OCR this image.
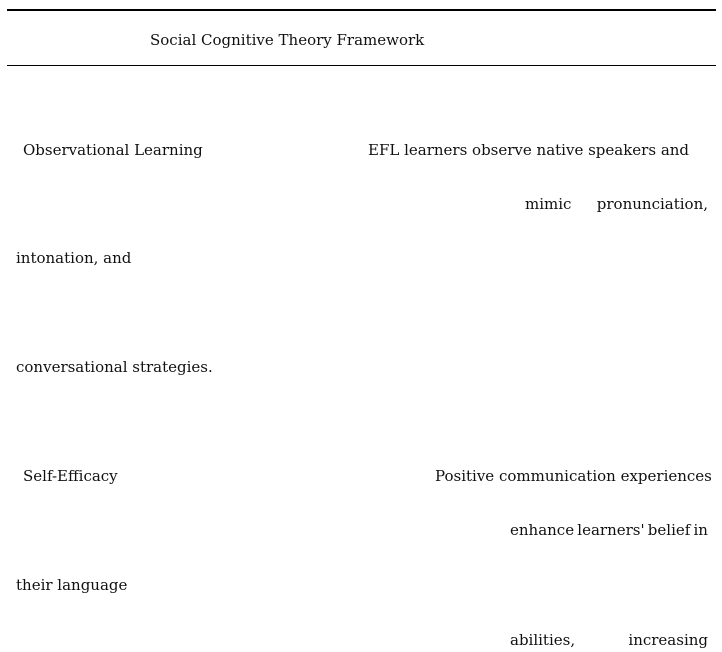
Social Cognitive Theory Framework
Observational Learning	EFL learners observe native speakers and
mimic pronunciation,
intonation, and
conversational strategies.
Self-Efficacy	Positive communication experiences
enhance learners' belief in
their language
abilities,	increasing
